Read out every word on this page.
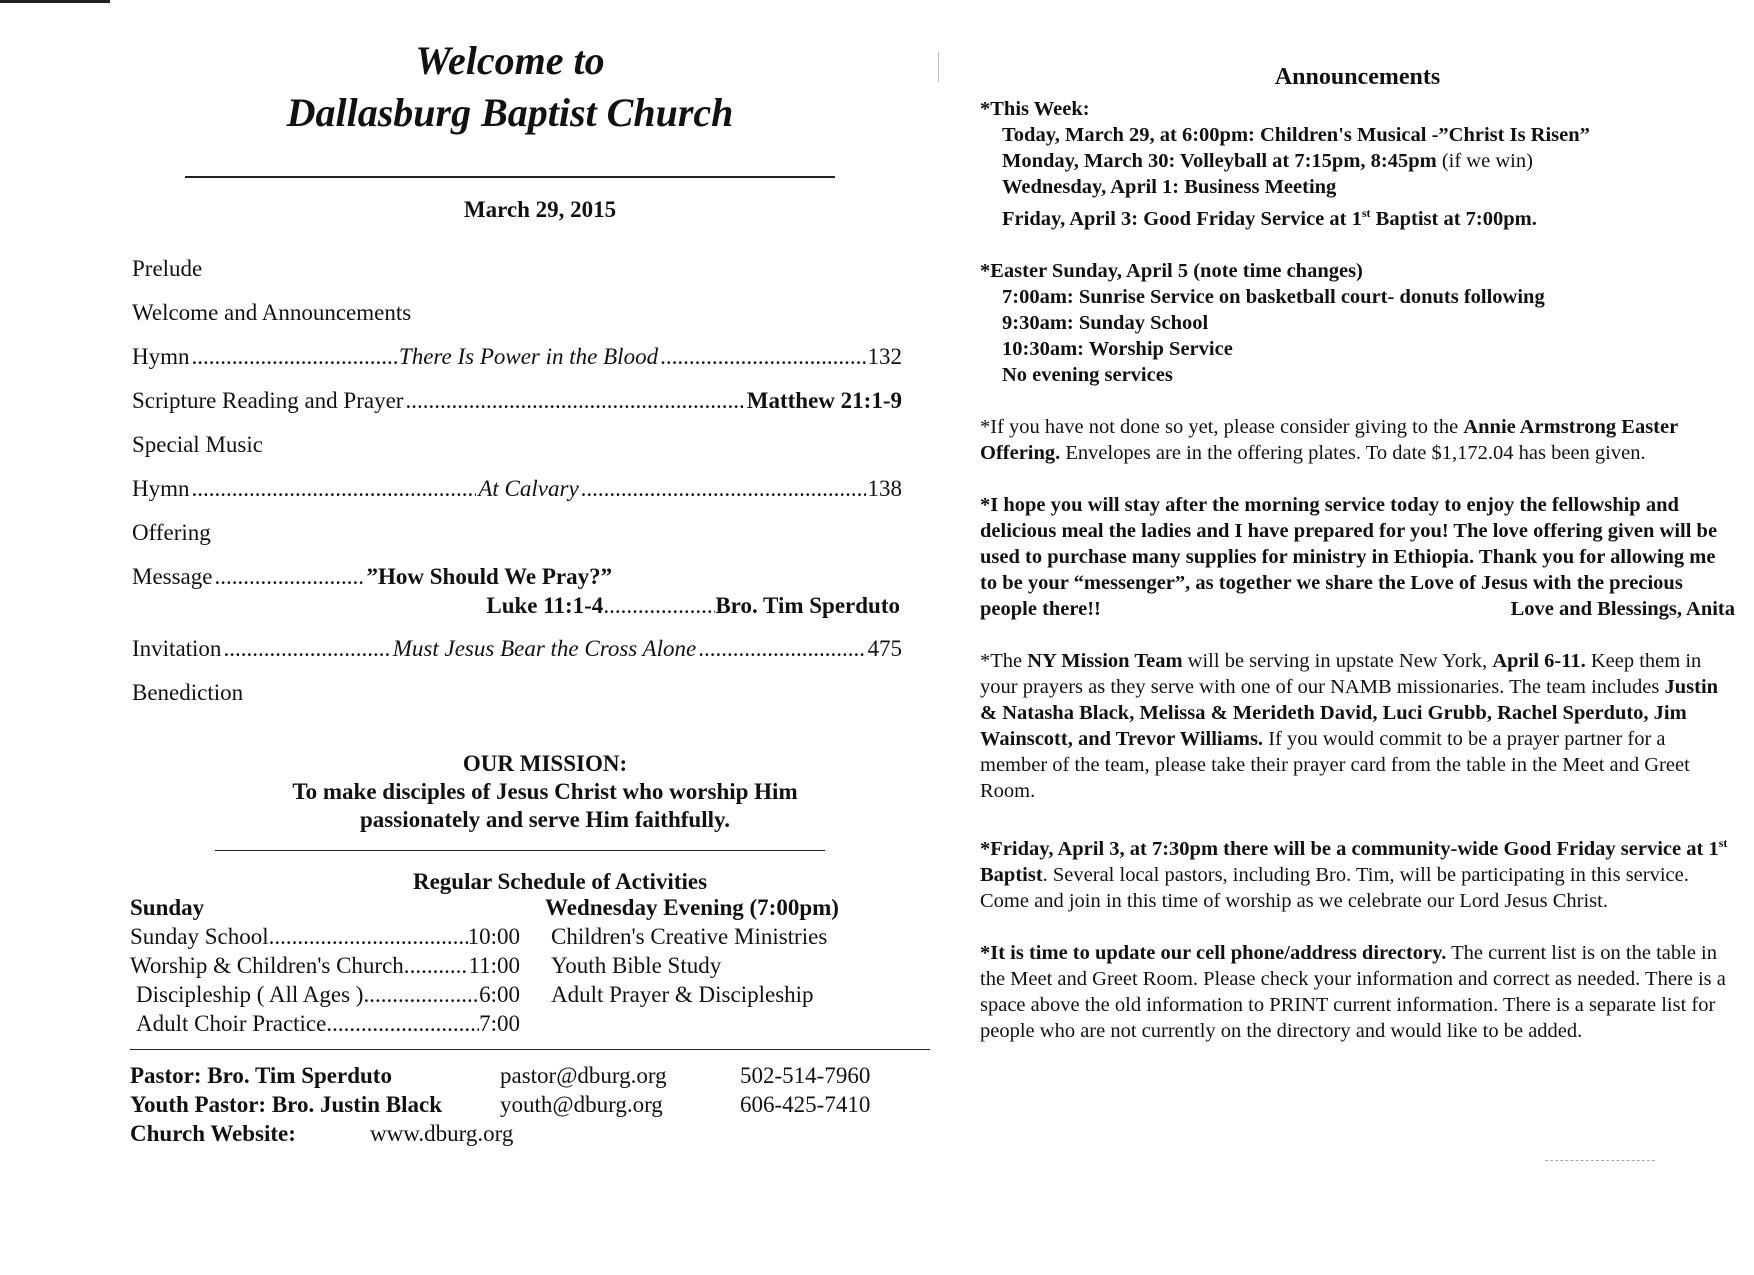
Welcome to
Dallasburg Baptist Church
March 29, 2015
Prelude
Welcome and Announcements
Hymn .....	There Is Power in the Blood .....	132
Scripture Reading and Prayer .....	Matthew 21:1-9
Special Music
Hymn .....	At Calvary .....	138
Offering
Message .....	”How Should We Pray?”
Luke 11:1-4 .....	Bro. Tim Sperduto
Invitation .....	Must Jesus Bear the Cross Alone .....	475
Benediction
OUR MISSION:
To make disciples of Jesus Christ who worship Him
passionately and serve Him faithfully.
Regular Schedule of Activities
Sunday
Sunday School .....	10:00
Worship & Children's Church. .....	11:00
Discipleship ( All Ages ) .....	6:00
Adult Choir Practice .....	7:00
Wednesday Evening (7:00pm)
Children's Creative Ministries
Youth Bible Study
Adult Prayer & Discipleship
Pastor: Bro. Tim Sperduto	pastor@dburg.org	502-514-7960
Youth Pastor: Bro. Justin Black	youth@dburg.org	606-425-7410
Church Website:	www.dburg.org
Announcements
*This Week:
Today, March 29, at 6:00pm: Children's Musical -”Christ Is Risen”
Monday, March 30: Volleyball at 7:15pm, 8:45pm (if we win)
Wednesday, April 1: Business Meeting
Friday, April 3: Good Friday Service at 1st Baptist at 7:00pm.
*Easter Sunday, April 5 (note time changes)
7:00am: Sunrise Service on basketball court- donuts following
9:30am: Sunday School
10:30am: Worship Service
No evening services

*If you have not done so yet, please consider giving to the Annie Armstrong Easter Offering. Envelopes are in the offering plates. To date $1,172.04 has been given.

*I hope you will stay after the morning service today to enjoy the fellowship and delicious meal the ladies and I have prepared for you! The love offering given will be used to purchase many supplies for ministry in Ethiopia. Thank you for allowing me to be your “messenger”, as together we share the Love of Jesus with the precious people there!!	Love and Blessings, Anita

*The NY Mission Team will be serving in upstate New York, April 6-11. Keep them in your prayers as they serve with one of our NAMB missionaries. The team includes Justin & Natasha Black, Melissa & Merideth David, Luci Grubb, Rachel Sperduto, Jim Wainscott, and Trevor Williams. If you would commit to be a prayer partner for a member of the team, please take their prayer card from the table in the Meet and Greet Room.

*Friday, April 3, at 7:30pm there will be a community-wide Good Friday service at 1st Baptist. Several local pastors, including Bro. Tim, will be participating in this service. Come and join in this time of worship as we celebrate our Lord Jesus Christ.

*It is time to update our cell phone/address directory. The current list is on the table in the Meet and Greet Room. Please check your information and correct as needed. There is a space above the old information to PRINT current information. There is a separate list for people who are not currently on the directory and would like to be added.
